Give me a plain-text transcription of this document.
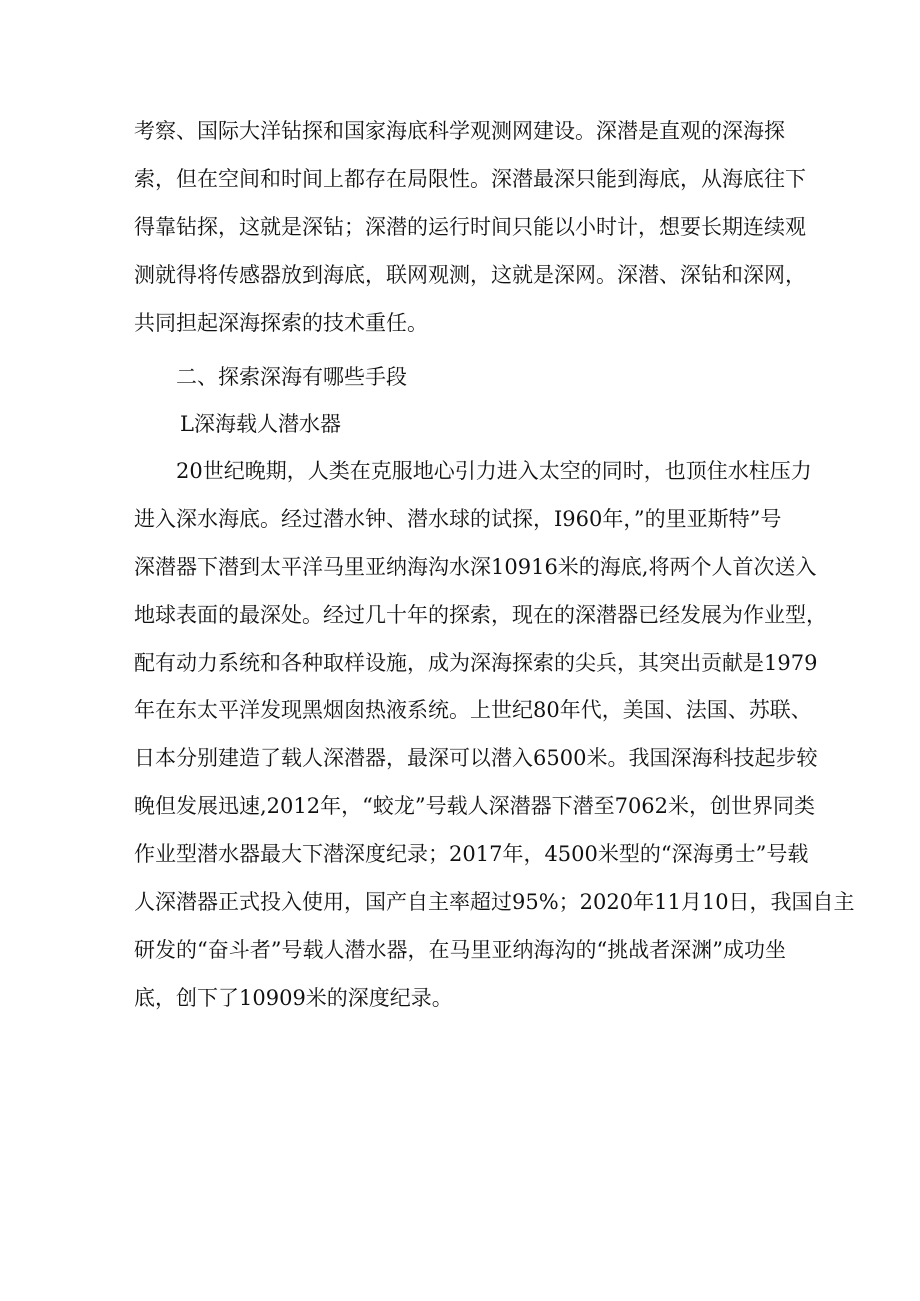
考察、国际大洋钻探和国家海底科学观测网建设。深潜是直观的深海探
索，但在空间和时间上都存在局限性。深潜最深只能到海底，从海底往下
得靠钻探，这就是深钻；深潜的运行时间只能以小时计，想要长期连续观
测就得将传感器放到海底，联网观测，这就是深网。深潜、深钻和深网，
共同担起深海探索的技术重任。
二、探索深海有哪些手段
L深海载人潜水器
20世纪晚期，人类在克服地心引力进入太空的同时，也顶住水柱压力
进入深水海底。经过潜水钟、潜水球的试探，I960年，”的里亚斯特”号
深潜器下潜到太平洋马里亚纳海沟水深10916米的海底,将两个人首次送入
地球表面的最深处。经过几十年的探索，现在的深潜器已经发展为作业型，
配有动力系统和各种取样设施，成为深海探索的尖兵，其突出贡献是1979
年在东太平洋发现黑烟囱热液系统。上世纪80年代，美国、法国、苏联、
日本分别建造了载人深潜器，最深可以潜入6500米。我国深海科技起步较
晚但发展迅速,2012年，“蛟龙”号载人深潜器下潜至7062米，创世界同类
作业型潜水器最大下潜深度纪录；2017年，4500米型的“深海勇士”号载
人深潜器正式投入使用，国产自主率超过95%；2020年11月10日，我国自主
研发的“奋斗者”号载人潜水器，在马里亚纳海沟的“挑战者深渊”成功坐
底，创下了10909米的深度纪录。
